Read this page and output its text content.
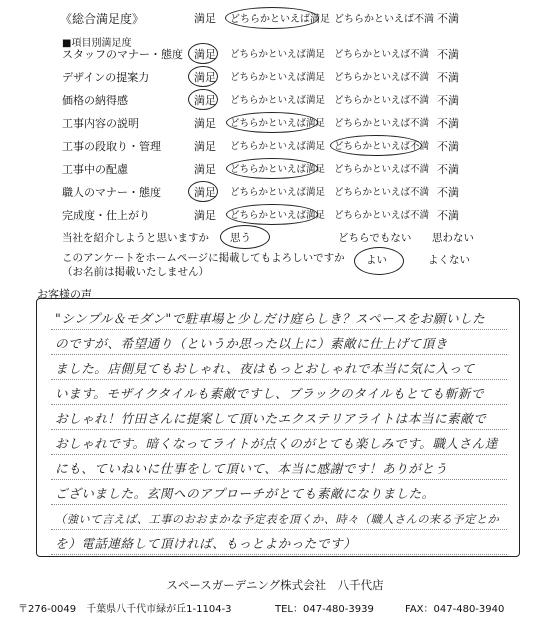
《総合満足度》	満足 どちらかといえば満足 どちらかといえば不満 不満
■項目別満足度
スタッフのマナー・態度 満足 どちらかといえば満足 どちらかといえば不満 不満
デザインの提案力	満足 どちらかといえば満足 どちらかといえば不満 不満
価格の納得感	満足 どちらかといえば満足 どちらかといえば不満 不満
工事内容の説明	満足 どちらかといえば満足 どちらかといえば不満 不満
工事の段取り・管理	満足 どちらかといえば満足 どちらかといえば不満 不満
工事中の配慮	満足 どちらかといえば満足 どちらかといえば不満 不満
職人のマナー・態度	満足 どちらかといえば満足 どちらかといえば不満 不満
完成度・仕上がり	満足 どちらかといえば満足 どちらかといえば不満 不満
当社を紹介しようと思いますか 思う	どちらでもない 思わない
このアンケートをホームページに掲載してもよろしいですか
（お名前は掲載いたしません）
よい	よくない
お客様の声
"シンプル＆モダン"で駐車場と少しだけ庭らしき？スペースをお願いした
のですが、希望通り（というか思った以上に）素敵に仕上げて頂き
ました。店側見てもおしゃれ、夜はもっとおしゃれで本当に気に入って
います。モザイクタイルも素敵ですし、ブラックのタイルもとても斬新で
おしゃれ！竹田さんに提案して頂いたエクステリアライトは本当に素敵で
おしゃれです。暗くなってライトが点くのがとても楽しみです。職人さん達
にも、ていねいに仕事をして頂いて、本当に感謝です！ありがとう
ございました。玄関へのアプローチがとても素敵になりました。
（強いて言えば、工事のおおまかな予定表を頂くか、時々（職人さんの来る予定とか
を）電話連絡して頂ければ、もっとよかったです）
スペースガーデニング株式会社　八千代店
〒276-0049　千葉県八千代市緑が丘1-1104-3	TEL：047-480-3939	FAX：047-480-3940
